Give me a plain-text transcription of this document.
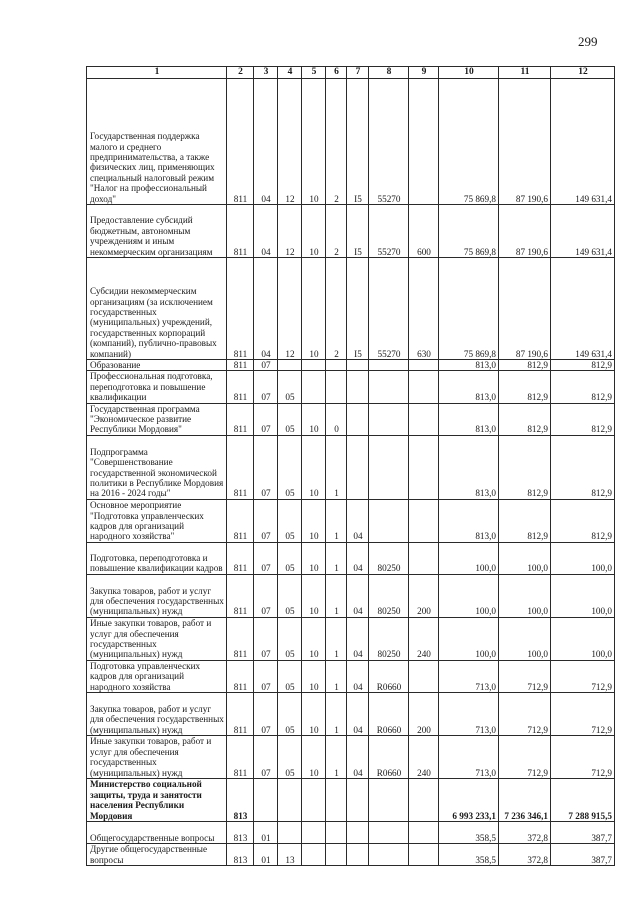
299
1	2	3	4	5	6	7	8	9	10	11	12
Государственная поддержка малого и среднего предпринимательства, а также физических лиц, применяющих специальный налоговый режим "Налог на профессиональный доход"	811	04	12	10	2	I5	55270		75 869,8	87 190,6	149 631,4
Предоставление субсидий бюджетным, автономным учреждениям и иным некоммерческим организациям	811	04	12	10	2	I5	55270	600	75 869,8	87 190,6	149 631,4
Субсидии некоммерческим организациям (за исключением государственных (муниципальных) учреждений, государственных корпораций (компаний), публично-правовых компаний)	811	04	12	10	2	I5	55270	630	75 869,8	87 190,6	149 631,4
Образование	811	07							813,0	812,9	812,9
Профессиональная подготовка, переподготовка и повышение квалификации	811	07	05						813,0	812,9	812,9
Государственная программа "Экономическое развитие Республики Мордовия"	811	07	05	10	0				813,0	812,9	812,9
Подпрограмма "Совершенствование государственной экономической политики в Республике Мордовия на 2016 - 2024 годы"	811	07	05	10	1				813,0	812,9	812,9
Основное мероприятие "Подготовка управленческих кадров для организаций народного хозяйства"	811	07	05	10	1	04			813,0	812,9	812,9
Подготовка, переподготовка и повышение квалификации кадров	811	07	05	10	1	04	80250		100,0	100,0	100,0
Закупка товаров, работ и услуг для обеспечения государственных (муниципальных) нужд	811	07	05	10	1	04	80250	200	100,0	100,0	100,0
Иные закупки товаров, работ и услуг для обеспечения государственных (муниципальных) нужд	811	07	05	10	1	04	80250	240	100,0	100,0	100,0
Подготовка управленческих кадров для организаций народного хозяйства	811	07	05	10	1	04	R0660		713,0	712,9	712,9
Закупка товаров, работ и услуг для обеспечения государственных (муниципальных) нужд	811	07	05	10	1	04	R0660	200	713,0	712,9	712,9
Иные закупки товаров, работ и услуг для обеспечения государственных (муниципальных) нужд	811	07	05	10	1	04	R0660	240	713,0	712,9	712,9
Министерство социальной защиты, труда и занятости населения Республики Мордовия	813								6 993 233,1	7 236 346,1	7 288 915,5
Общегосударственные вопросы	813	01							358,5	372,8	387,7
Другие общегосударственные вопросы	813	01	13						358,5	372,8	387,7
